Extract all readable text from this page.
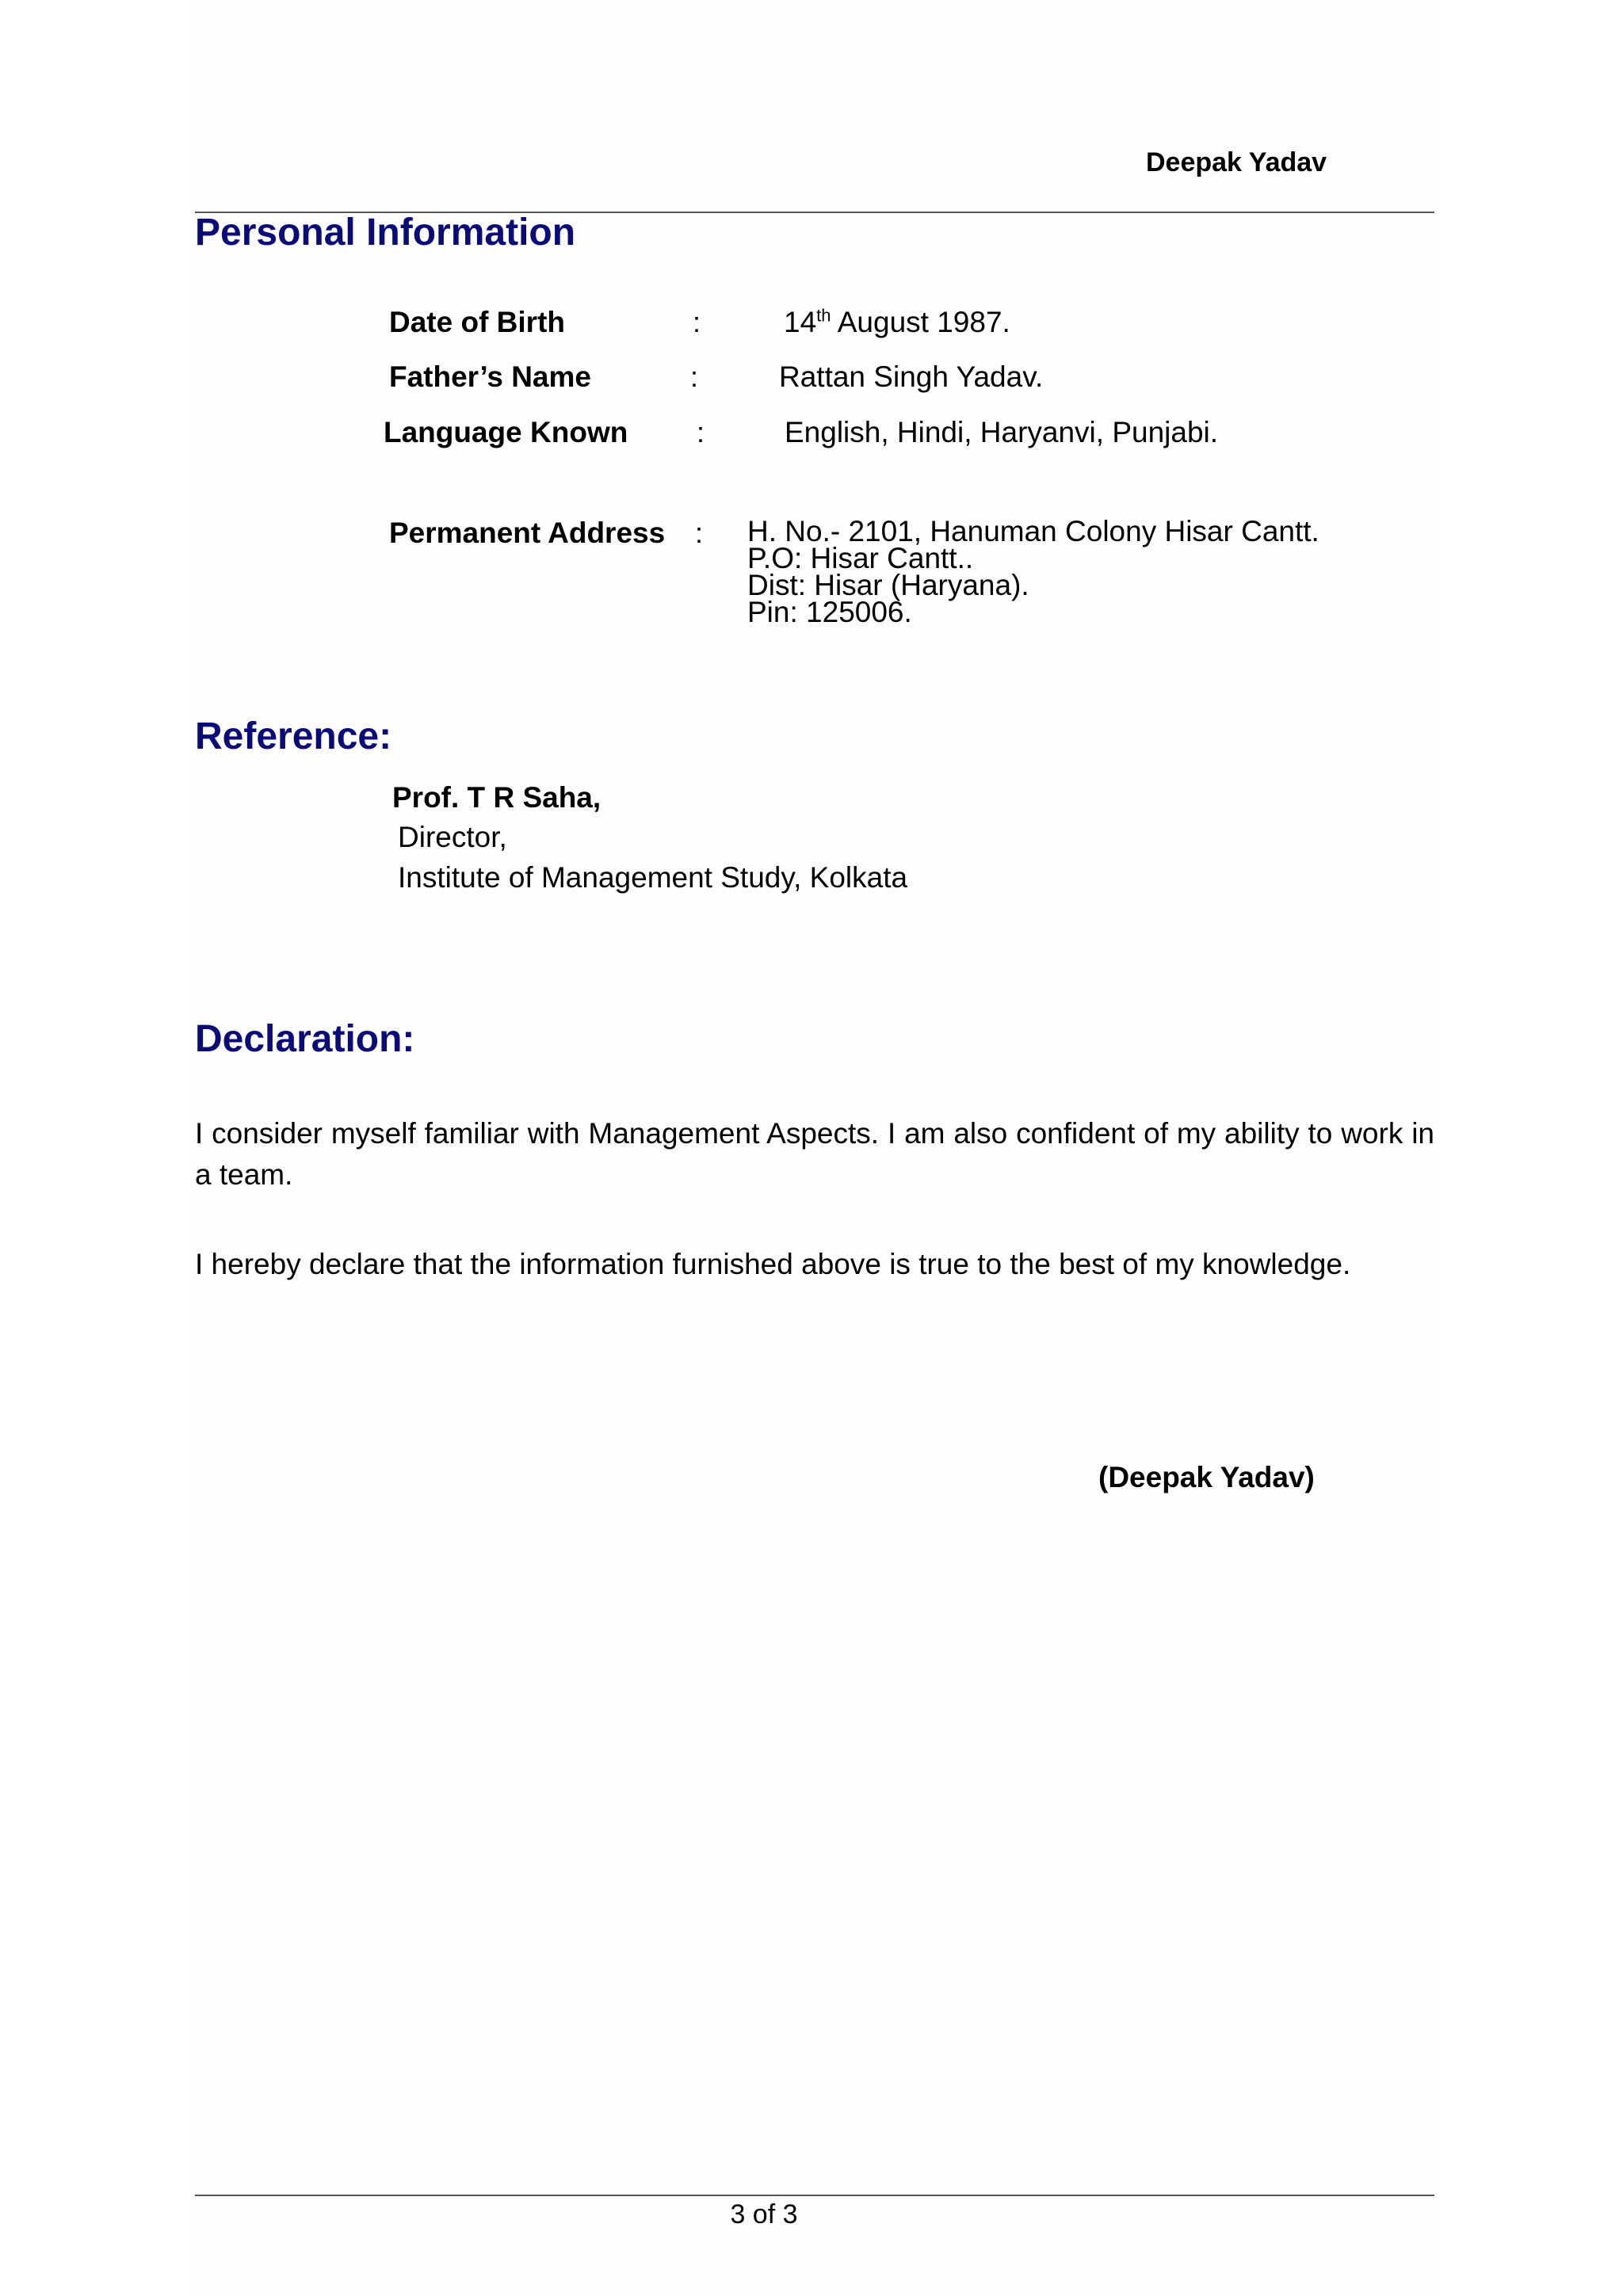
Deepak Yadav
Personal Information
Date of Birth	:	14th August 1987.
Father’s Name	:	Rattan Singh Yadav.
Language Known :	English, Hindi, Haryanvi, Punjabi.
Permanent Address : H. No.- 2101, Hanuman Colony Hisar Cantt.
P.O: Hisar Cantt..
Dist: Hisar (Haryana).
Pin: 125006.
Reference:
Prof. T R Saha,
Director,
Institute of Management Study, Kolkata
Declaration:
I consider myself familiar with Management Aspects. I am also confident of my ability to work in a team.
I hereby declare that the information furnished above is true to the best of my knowledge.
(Deepak Yadav)
3 of 3
